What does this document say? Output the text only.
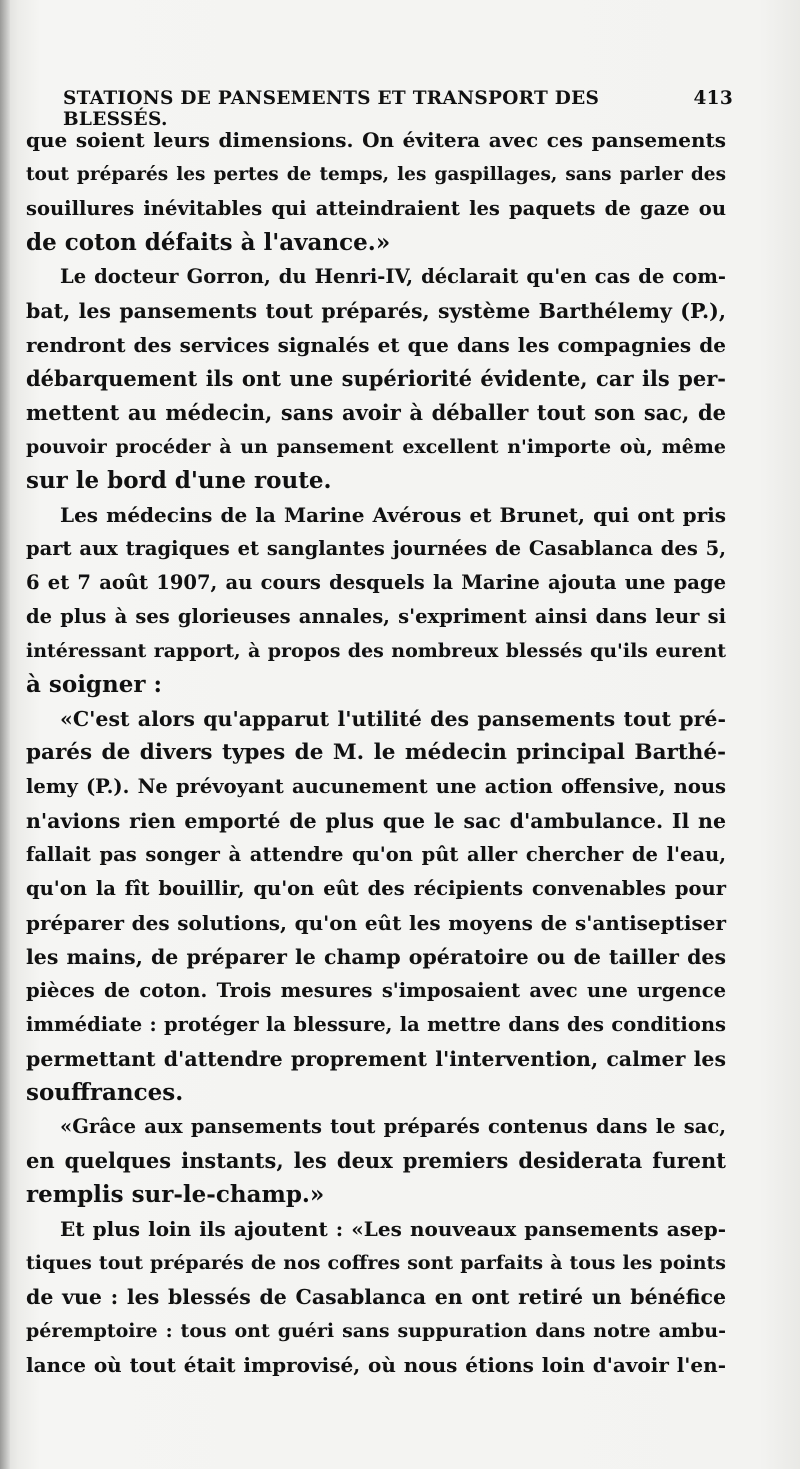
STATIONS DE PANSEMENTS ET TRANSPORT DES BLESSÉS.
413
que soient leurs dimensions. On évitera avec ces pansements
tout préparés les pertes de temps, les gaspillages, sans parler des
souillures inévitables qui atteindraient les paquets de gaze ou
de coton défaits à l'avance.»
Le docteur Gorron, du Henri-IV, déclarait qu'en cas de com-
bat, les pansements tout préparés, système Barthélemy (P.),
rendront des services signalés et que dans les compagnies de
débarquement ils ont une supériorité évidente, car ils per-
mettent au médecin, sans avoir à déballer tout son sac, de
pouvoir procéder à un pansement excellent n'importe où, même
sur le bord d'une route.
Les médecins de la Marine Avérous et Brunet, qui ont pris
part aux tragiques et sanglantes journées de Casablanca des 5,
6 et 7 août 1907, au cours desquels la Marine ajouta une page
de plus à ses glorieuses annales, s'expriment ainsi dans leur si
intéressant rapport, à propos des nombreux blessés qu'ils eurent
à soigner :
«C'est alors qu'apparut l'utilité des pansements tout pré-
parés de divers types de M. le médecin principal Barthé-
lemy (P.). Ne prévoyant aucunement une action offensive, nous
n'avions rien emporté de plus que le sac d'ambulance. Il ne
fallait pas songer à attendre qu'on pût aller chercher de l'eau,
qu'on la fît bouillir, qu'on eût des récipients convenables pour
préparer des solutions, qu'on eût les moyens de s'antiseptiser
les mains, de préparer le champ opératoire ou de tailler des
pièces de coton. Trois mesures s'imposaient avec une urgence
immédiate : protéger la blessure, la mettre dans des conditions
permettant d'attendre proprement l'intervention, calmer les
souffrances.
«Grâce aux pansements tout préparés contenus dans le sac,
en quelques instants, les deux premiers desiderata furent
remplis sur-le-champ.»
Et plus loin ils ajoutent : «Les nouveaux pansements asep-
tiques tout préparés de nos coffres sont parfaits à tous les points
de vue : les blessés de Casablanca en ont retiré un bénéfice
péremptoire : tous ont guéri sans suppuration dans notre ambu-
lance où tout était improvisé, où nous étions loin d'avoir l'en-
